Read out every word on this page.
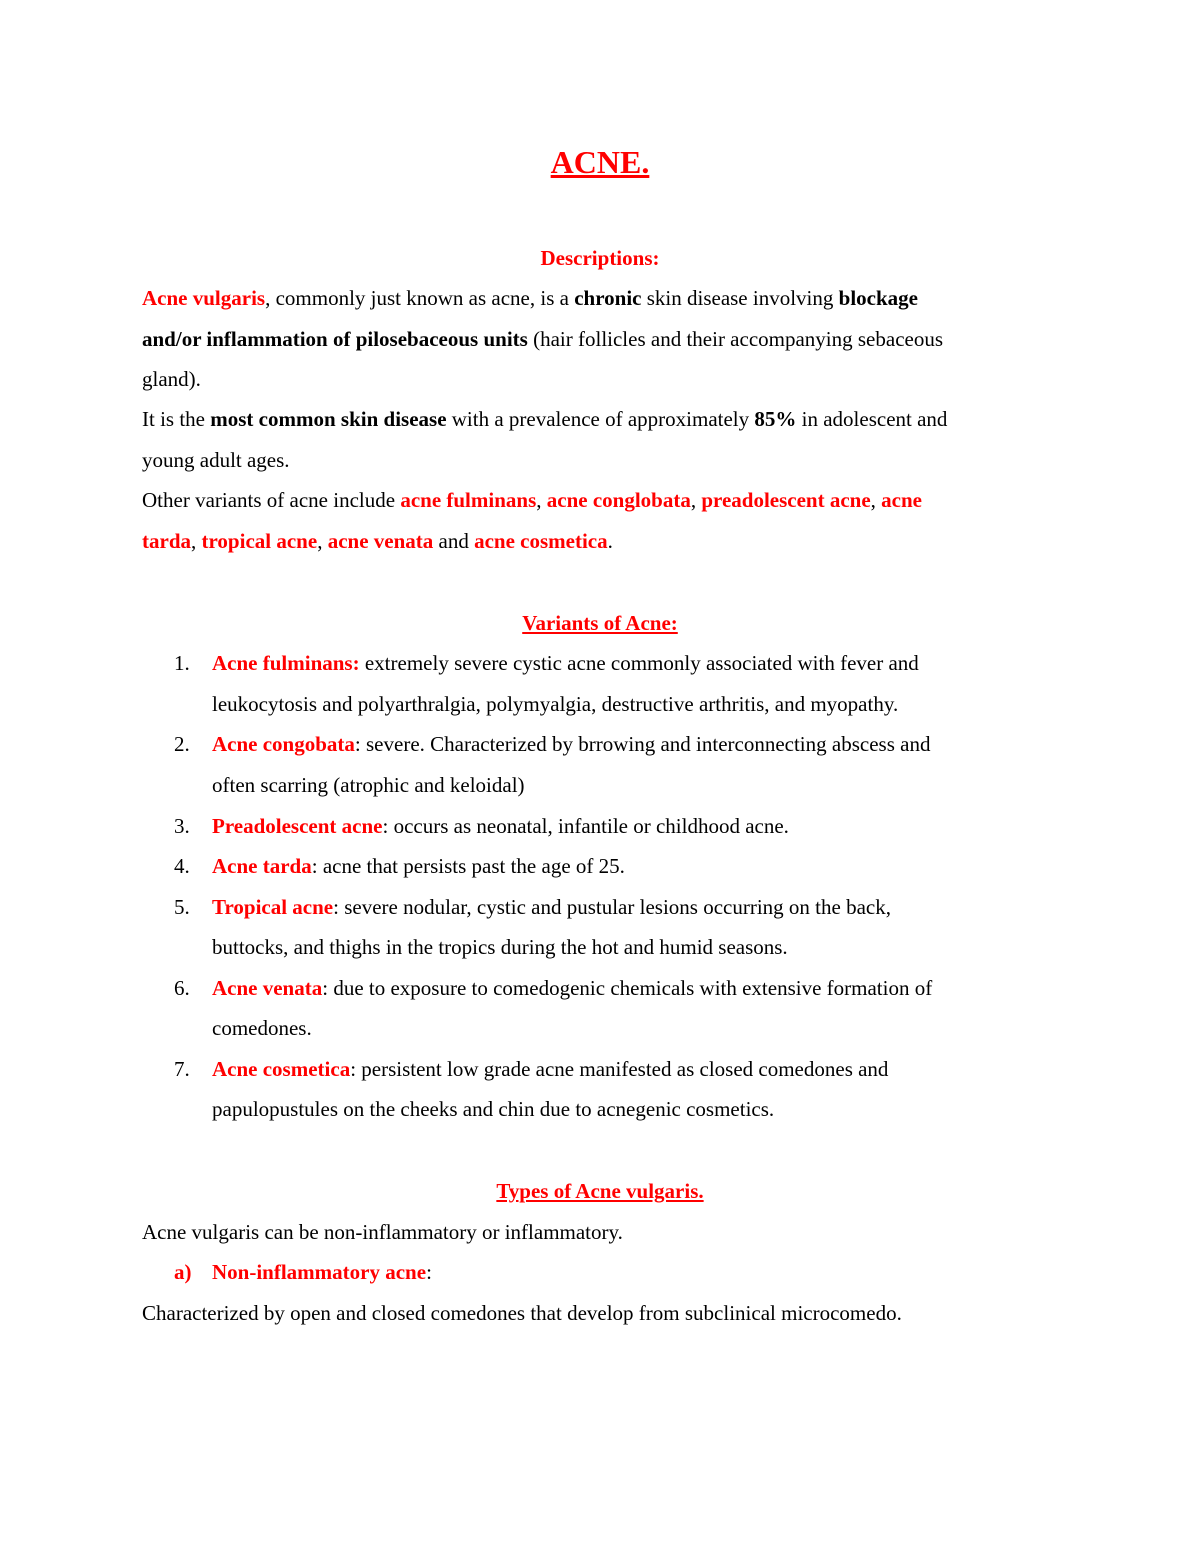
ACNE.
Descriptions:
Acne vulgaris, commonly just known as acne, is a chronic skin disease involving blockage
and/or inflammation of pilosebaceous units (hair follicles and their accompanying sebaceous
gland).
It is the most common skin disease with a prevalence of approximately 85% in adolescent and
young adult ages.
Other variants of acne include acne fulminans, acne conglobata, preadolescent acne, acne
tarda, tropical acne, acne venata and acne cosmetica.
Variants of Acne:
1. Acne fulminans: extremely severe cystic acne commonly associated with fever and
leukocytosis and polyarthralgia, polymyalgia, destructive arthritis, and myopathy.
2. Acne congobata: severe. Characterized by brrowing and interconnecting abscess and
often scarring (atrophic and keloidal)
3. Preadolescent acne: occurs as neonatal, infantile or childhood acne.
4. Acne tarda: acne that persists past the age of 25.
5. Tropical acne: severe nodular, cystic and pustular lesions occurring on the back,
buttocks, and thighs in the tropics during the hot and humid seasons.
6. Acne venata: due to exposure to comedogenic chemicals with extensive formation of
comedones.
7. Acne cosmetica: persistent low grade acne manifested as closed comedones and
papulopustules on the cheeks and chin due to acnegenic cosmetics.
Types of Acne vulgaris.
Acne vulgaris can be non-inflammatory or inflammatory.
a) Non-inflammatory acne:
Characterized by open and closed comedones that develop from subclinical microcomedo.
